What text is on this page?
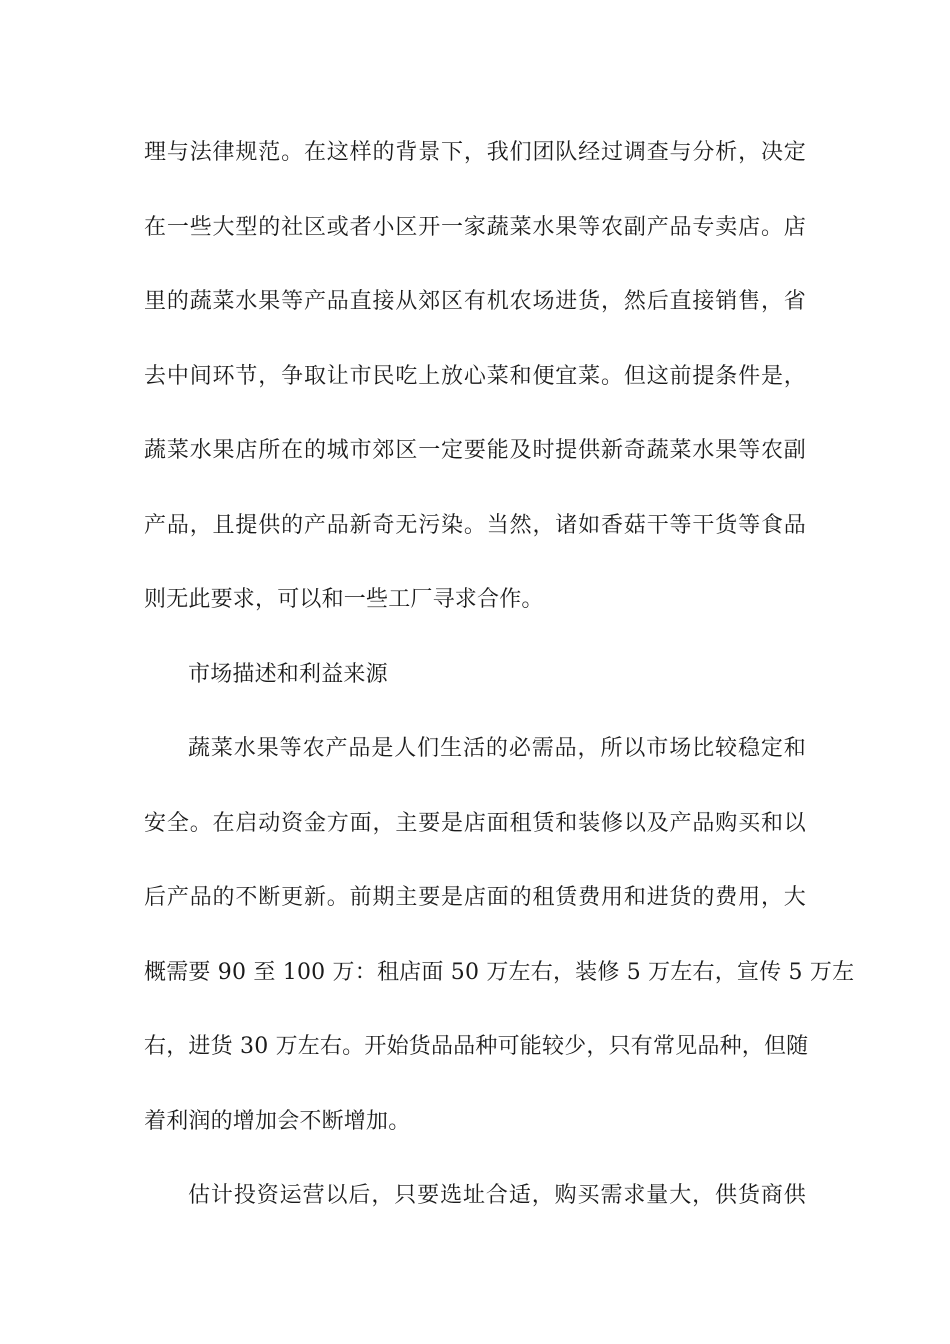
理与法律规范。在这样的背景下，我们团队经过调查与分析，决定
在一些大型的社区或者小区开一家蔬菜水果等农副产品专卖店。店
里的蔬菜水果等产品直接从郊区有机农场进货，然后直接销售，省
去中间环节，争取让市民吃上放心菜和便宜菜。但这前提条件是，
蔬菜水果店所在的城市郊区一定要能及时提供新奇蔬菜水果等农副
产品，且提供的产品新奇无污染。当然，诸如香菇干等干货等食品
则无此要求，可以和一些工厂寻求合作。
市场描述和利益来源
蔬菜水果等农产品是人们生活的必需品，所以市场比较稳定和
安全。在启动资金方面，主要是店面租赁和装修以及产品购买和以
后产品的不断更新。前期主要是店面的租赁费用和进货的费用，大
概需要 90 至 100 万：租店面 50 万左右，装修 5 万左右，宣传 5 万左
右，进货 30 万左右。开始货品品种可能较少，只有常见品种，但随
着利润的增加会不断增加。
估计投资运营以后，只要选址合适，购买需求量大，供货商供
